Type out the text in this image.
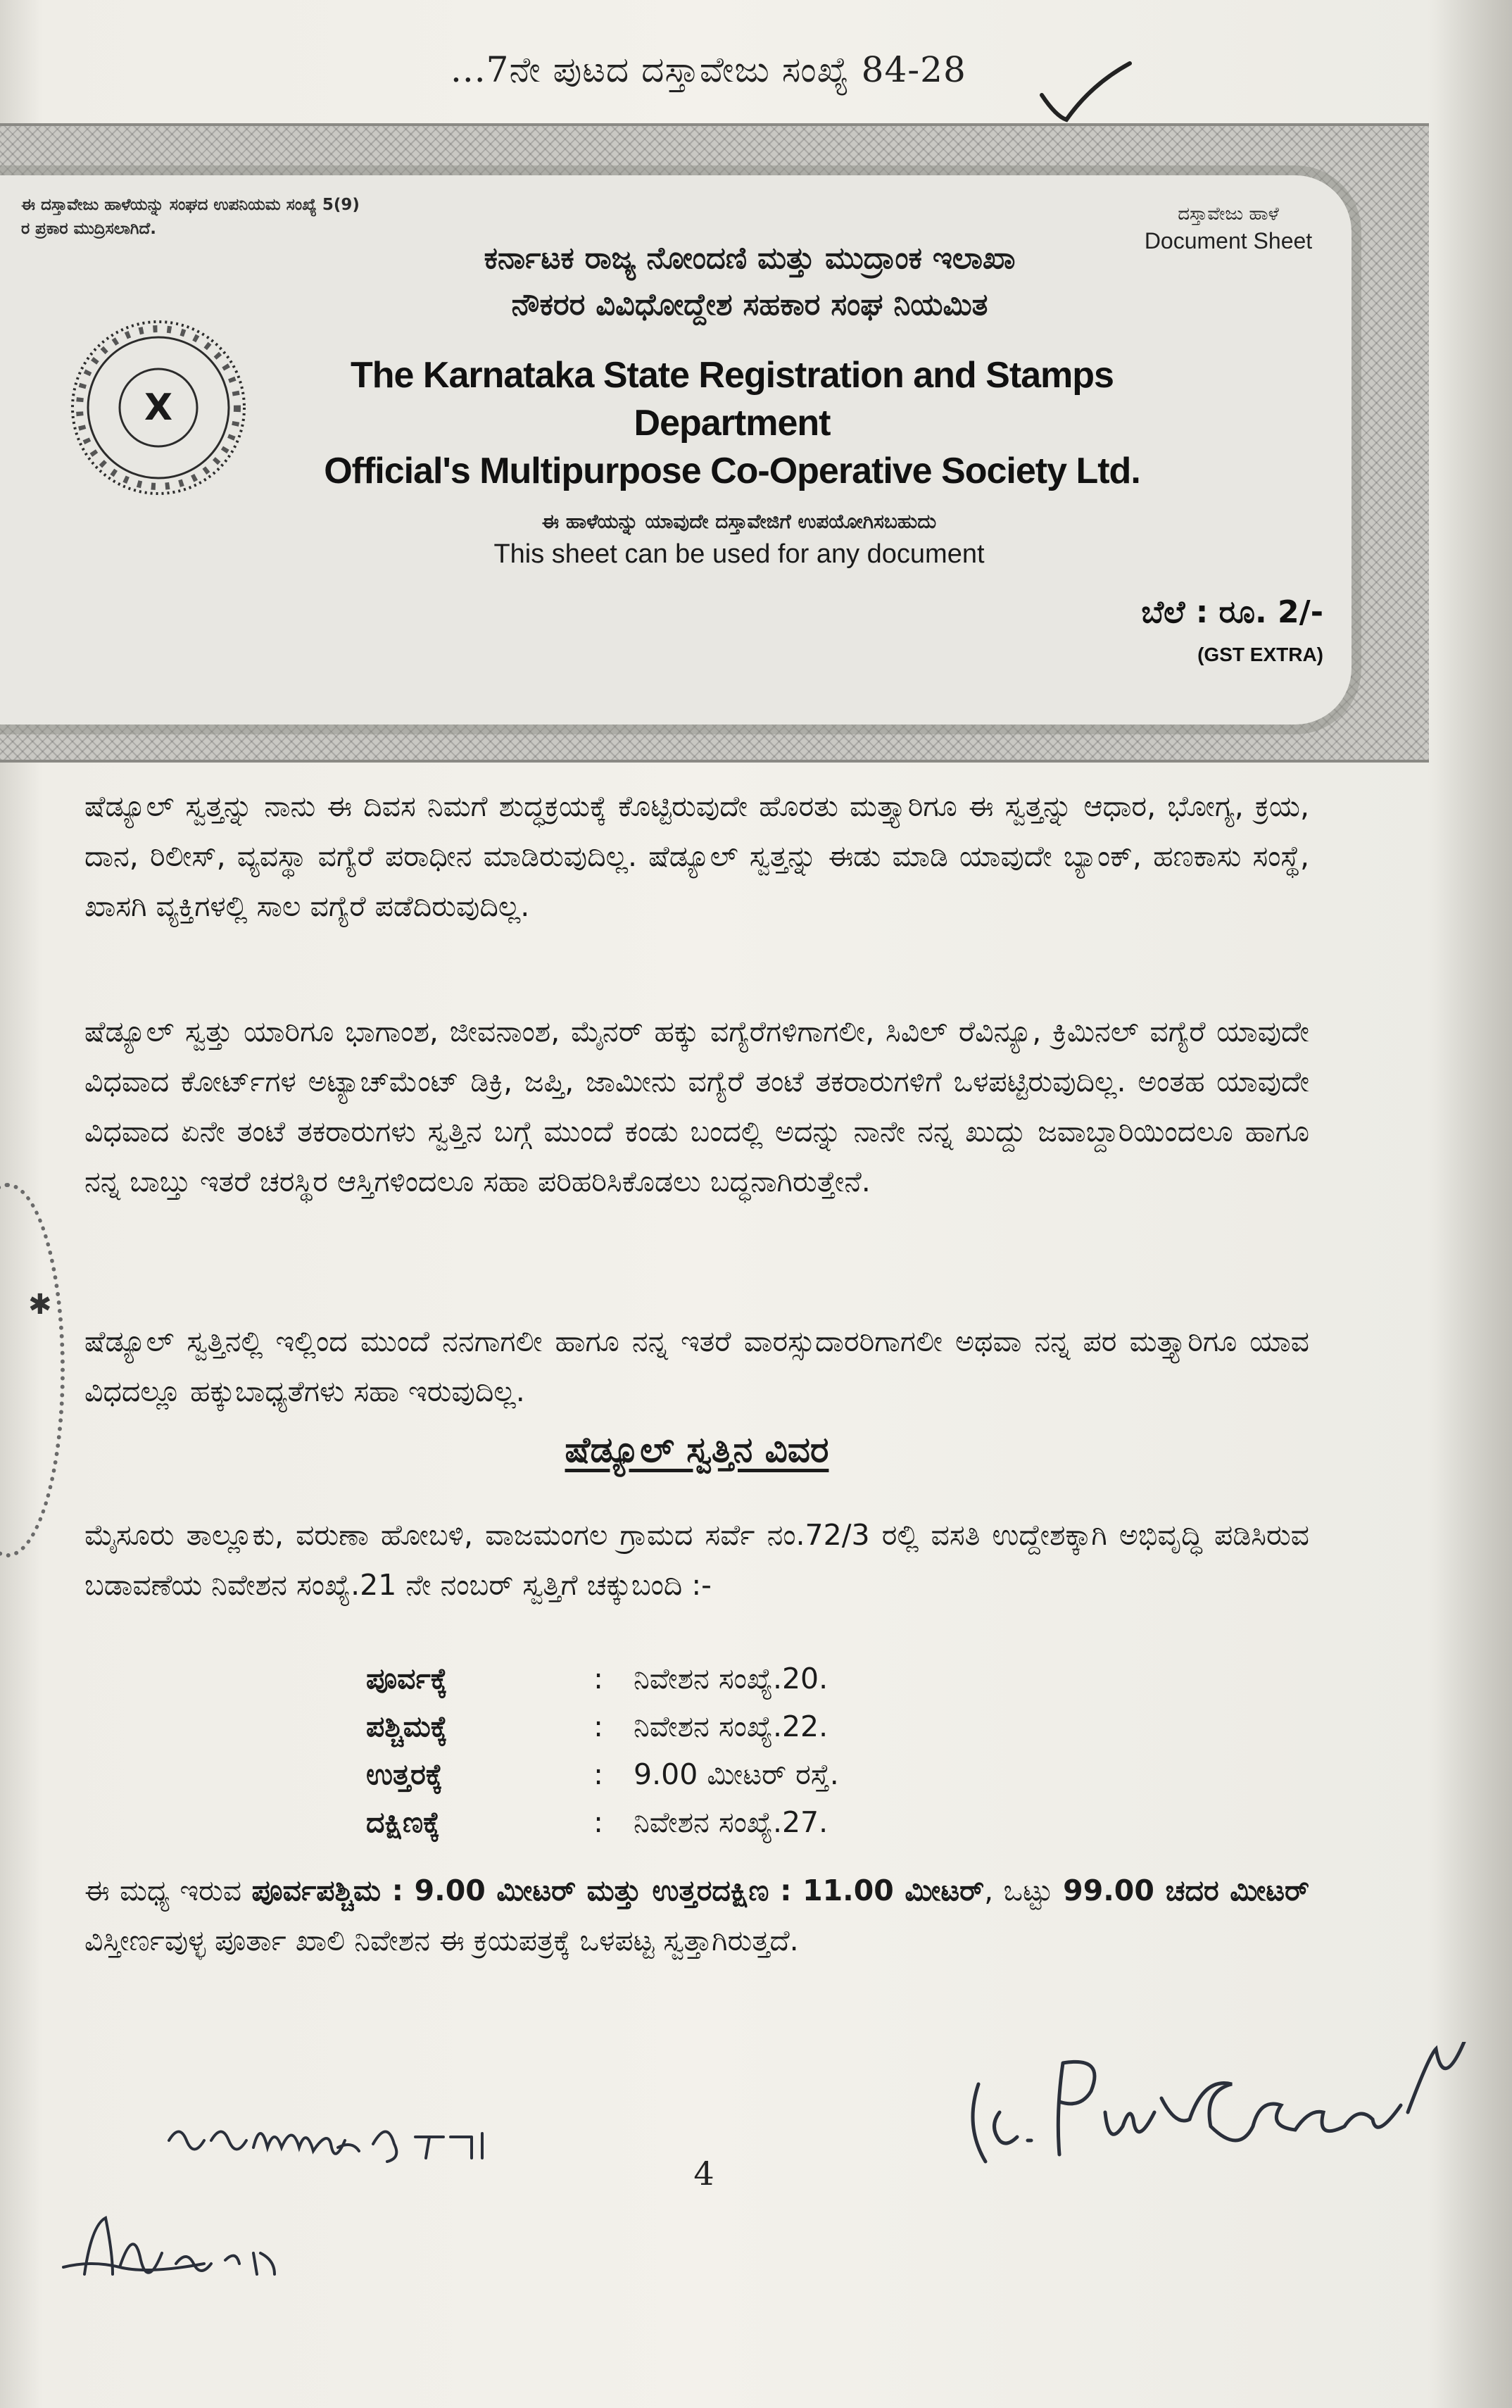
✱
...7ನೇ ಪುಟದ ದಸ್ತಾವೇಜು ಸಂಖ್ಯೆ 84-28
ಈ ದಸ್ತಾವೇಜು ಹಾಳೆಯನ್ನು ಸಂಘದ ಉಪನಿಯಮ ಸಂಖ್ಯೆ 5(9) ರ ಪ್ರಕಾರ ಮುದ್ರಿಸಲಾಗಿದೆ.
ಕರ್ನಾಟಕ ರಾಜ್ಯ ನೋಂದಣಿ ಮತ್ತು ಮುದ್ರಾಂಕ ಇಲಾಖಾ
ನೌಕರರ ವಿವಿಧೋದ್ದೇಶ ಸಹಕಾರ ಸಂಘ ನಿಯಮಿತ
The Karnataka State Registration and Stamps Department
Official's Multipurpose Co-Operative Society Ltd.
ದಸ್ತಾವೇಜು ಹಾಳೆ
Document Sheet
ಈ ಹಾಳೆಯನ್ನು ಯಾವುದೇ ದಸ್ತಾವೇಜಿಗೆ ಉಪಯೋಗಿಸಬಹುದು
This sheet can be used for any document
ಬೆಲೆ : ರೂ. 2/-
(GST EXTRA)
X
ಷೆಡ್ಯೂಲ್ ಸ್ವತ್ತನ್ನು ನಾನು ಈ ದಿವಸ ನಿಮಗೆ ಶುದ್ಧಕ್ರಯಕ್ಕೆ ಕೊಟ್ಟಿರುವುದೇ ಹೊರತು ಮತ್ತ್ಯಾರಿಗೂ ಈ ಸ್ವತ್ತನ್ನು ಆಧಾರ, ಭೋಗ್ಯ, ಕ್ರಯ, ದಾನ, ರಿಲೀಸ್, ವ್ಯವಸ್ಥಾ ವಗ್ಯೆರೆ ಪರಾಧೀನ ಮಾಡಿರುವುದಿಲ್ಲ. ಷೆಡ್ಯೂಲ್ ಸ್ವತ್ತನ್ನು ಈಡು ಮಾಡಿ ಯಾವುದೇ ಬ್ಯಾಂಕ್, ಹಣಕಾಸು ಸಂಸ್ಥೆ, ಖಾಸಗಿ ವ್ಯಕ್ತಿಗಳಲ್ಲಿ ಸಾಲ ವಗ್ಯೆರೆ ಪಡೆದಿರುವುದಿಲ್ಲ.
ಷೆಡ್ಯೂಲ್ ಸ್ವತ್ತು ಯಾರಿಗೂ ಭಾಗಾಂಶ, ಜೀವನಾಂಶ, ಮೈನರ್ ಹಕ್ಕು ವಗ್ಯೆರೆಗಳಿಗಾಗಲೀ, ಸಿವಿಲ್ ರೆವಿನ್ಯೂ, ಕ್ರಿಮಿನಲ್ ವಗ್ಯೆರೆ ಯಾವುದೇ ವಿಧವಾದ ಕೋರ್ಟ್‌ಗಳ ಅಟ್ಯಾಚ್‌ಮೆಂಟ್ ಡಿಕ್ರಿ, ಜಪ್ತಿ, ಜಾಮೀನು ವಗ್ಯೆರೆ ತಂಟೆ ತಕರಾರುಗಳಿಗೆ ಒಳಪಟ್ಟಿರುವುದಿಲ್ಲ. ಅಂತಹ ಯಾವುದೇ ವಿಧವಾದ ಏನೇ ತಂಟೆ ತಕರಾರುಗಳು ಸ್ವತ್ತಿನ ಬಗ್ಗೆ ಮುಂದೆ ಕಂಡು ಬಂದಲ್ಲಿ ಅದನ್ನು ನಾನೇ ನನ್ನ ಖುದ್ದು ಜವಾಬ್ದಾರಿಯಿಂದಲೂ ಹಾಗೂ ನನ್ನ ಬಾಬ್ತು ಇತರೆ ಚರಸ್ಥಿರ ಆಸ್ತಿಗಳಿಂದಲೂ ಸಹಾ ಪರಿಹರಿಸಿಕೊಡಲು ಬದ್ಧನಾಗಿರುತ್ತೇನೆ.
ಷೆಡ್ಯೂಲ್ ಸ್ವತ್ತಿನಲ್ಲಿ ಇಲ್ಲಿಂದ ಮುಂದೆ ನನಗಾಗಲೀ ಹಾಗೂ ನನ್ನ ಇತರೆ ವಾರಸ್ಸುದಾರರಿಗಾಗಲೀ ಅಥವಾ ನನ್ನ ಪರ ಮತ್ತ್ಯಾರಿಗೂ ಯಾವ ವಿಧದಲ್ಲೂ ಹಕ್ಕುಬಾಧ್ಯತೆಗಳು ಸಹಾ ಇರುವುದಿಲ್ಲ.
ಷೆಡ್ಯೂಲ್ ಸ್ವತ್ತಿನ ವಿವರ
ಮೈಸೂರು ತಾಲ್ಲೂಕು, ವರುಣಾ ಹೋಬಳಿ, ವಾಜಮಂಗಲ ಗ್ರಾಮದ ಸರ್ವೆ ನಂ.72/3 ರಲ್ಲಿ ವಸತಿ ಉದ್ದೇಶಕ್ಕಾಗಿ ಅಭಿವೃದ್ಧಿ ಪಡಿಸಿರುವ ಬಡಾವಣೆಯ ನಿವೇಶನ ಸಂಖ್ಯೆ.21 ನೇ ನಂಬರ್ ಸ್ವತ್ತಿಗೆ ಚಕ್ಕುಬಂದಿ :-
ಪೂರ್ವಕ್ಕೆ	:	ನಿವೇಶನ ಸಂಖ್ಯೆ.20.
ಪಶ್ಚಿಮಕ್ಕೆ	:	ನಿವೇಶನ ಸಂಖ್ಯೆ.22.
ಉತ್ತರಕ್ಕೆ	:	9.00 ಮೀಟರ್ ರಸ್ತೆ.
ದಕ್ಷಿಣಕ್ಕೆ	:	ನಿವೇಶನ ಸಂಖ್ಯೆ.27.
ಈ ಮಧ್ಯ ಇರುವ ಪೂರ್ವಪಶ್ಚಿಮ : 9.00 ಮೀಟರ್ ಮತ್ತು ಉತ್ತರದಕ್ಷಿಣ : 11.00 ಮೀಟರ್, ಒಟ್ಟು 99.00 ಚದರ ಮೀಟರ್ ವಿಸ್ತೀರ್ಣವುಳ್ಳ ಪೂರ್ತಾ ಖಾಲಿ ನಿವೇಶನ ಈ ಕ್ರಯಪತ್ರಕ್ಕೆ ಒಳಪಟ್ಟ ಸ್ವತ್ತಾಗಿರುತ್ತದೆ.
4
